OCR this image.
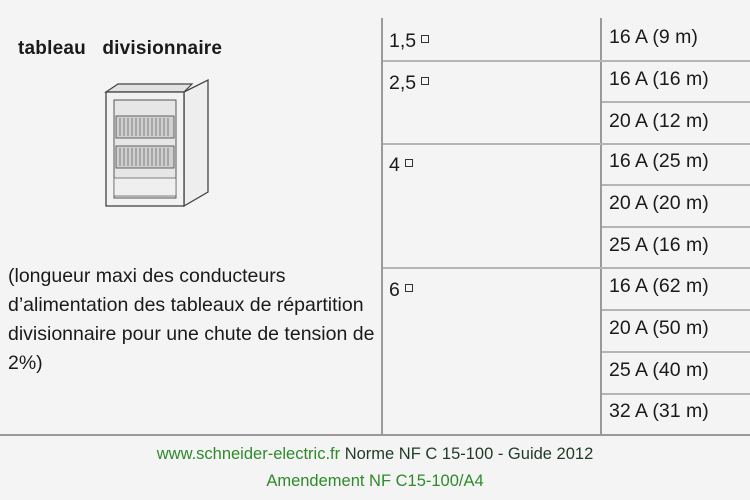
tableau   divisionnaire
(longueur maxi des conducteurs d’alimentation des tableaux de répartition divisionnaire pour une chute de tension de 2%)
1,5
2,5
4
6
16 A (9 m)
16 A (16 m)
20 A (12 m)
16 A (25 m)
20 A (20 m)
25 A (16 m)
16 A (62 m)
20 A (50 m)
25 A (40 m)
32 A (31 m)
www.schneider-electric.fr Norme NF C 15-100 - Guide 2012
Amendement NF C15-100/A4
